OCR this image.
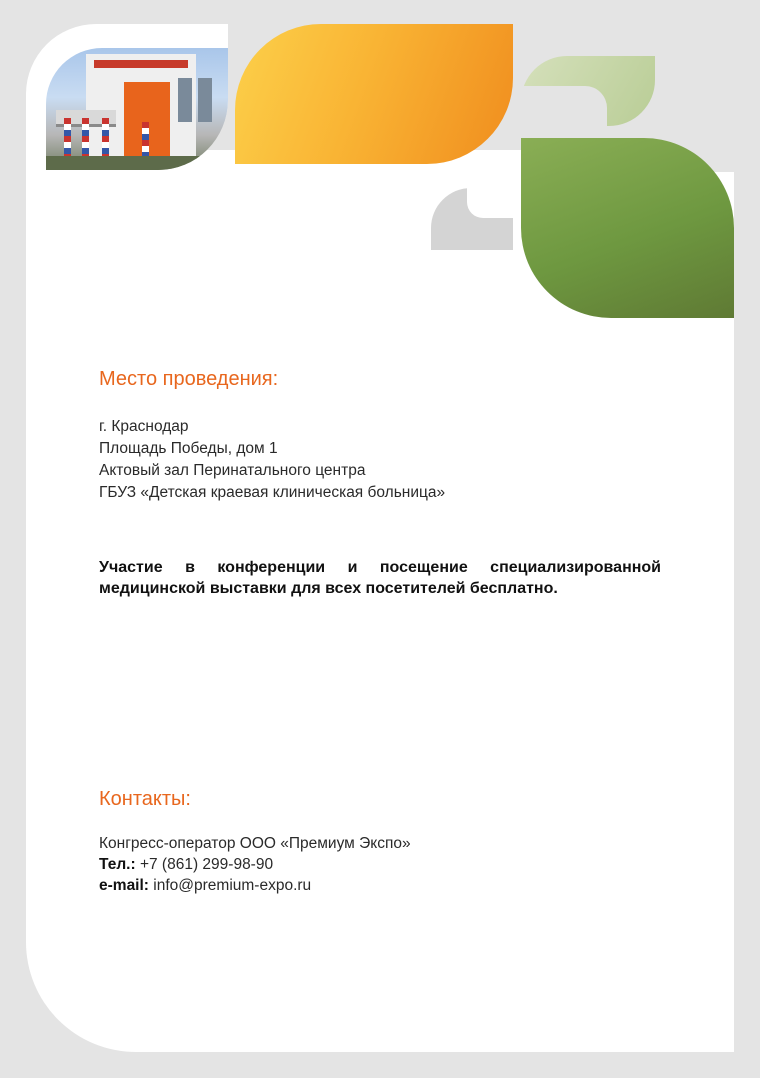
Место проведения:
г. Краснодар
Площадь Победы, дом 1
Актовый зал Перинатального центра
ГБУЗ «Детская краевая клиническая больница»
Участие в конференции и посещение специализированной медицинской выставки для всех посетителей бесплатно.
Контакты:
Конгресс-оператор ООО «Премиум Экспо»
Тел.: +7 (861) 299-98-90
e-mail: info@premium-expo.ru
